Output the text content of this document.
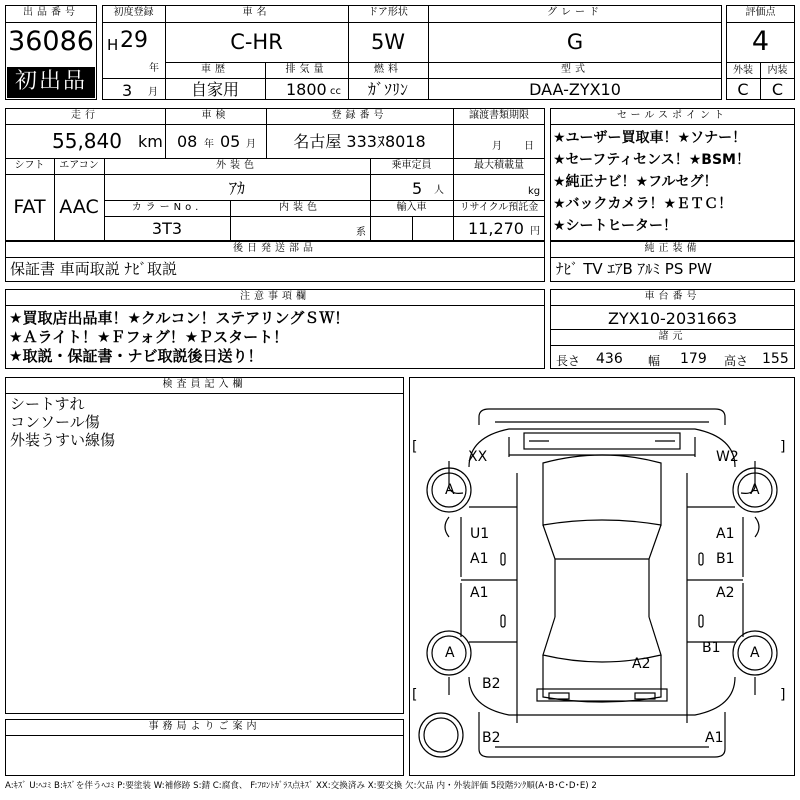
出品番号
36086
初出品
初度登録
H 29
年
3 月
車名
C-HR
ドア形状
5W
グレード
G
車歴
自家用
排気量
1800 cc
燃料
ｶﾞｿﾘﾝ
型式
DAA-ZYX10
評価点
4
外装	内装
C	C
走行
55,840 km
車検
08 年 05 月
登録番号
名古屋 333ﾇ8018
譲渡書類期限
月 日
シフト	エアコン
FAT AAC
外装色
ｱｶ
乗車定員
5 人
最大積載量
kg
カラーNo.
3T3
内装色
系
輸入車	リサイクル預託金
11,270 円
セールスポイント
★ユーザー買取車！★ソナー！
★セーフティセンス！★BSM！
★純正ナビ！★フルセグ！
★バックカメラ！★ＥＴＣ！
★シートヒーター！
後日発送部品
保証書 車両取説 ﾅﾋﾞ取説
純正装備
ﾅﾋﾞ TV ｴｱB ｱﾙﾐ PS PW
注意事項欄
★買取店出品車！★クルコン！ステアリングＳＷ！
★Ａライト！★Ｆフォグ！★Ｐスタート！
★取説・保証書・ナビ取説後日送り！
車台番号
ZYX10-2031663
諸元
長さ 436 幅 179 高さ 155
検査員記入欄
シートすれ
コンソール傷
外装うすい線傷
事務局よりご案内
[	]
[	]
A	A
A	A
XX	W2
U1
A1
A1
B1
A1	A2
B1
A2
B2
B2	A1
A:ｷｽﾞ U:ﾍｺﾐ B:ｷｽﾞを伴うﾍｺﾐ P:要塗装 W:補修跡 S:錆 C:腐食、 F:ﾌﾛﾝﾄｶﾞﾗｽ点ｷｽﾞ XX:交換済み X:要交換 欠:欠品 内・外装評価 5段階ﾗﾝｸ順(A･B･C･D･E) 2
